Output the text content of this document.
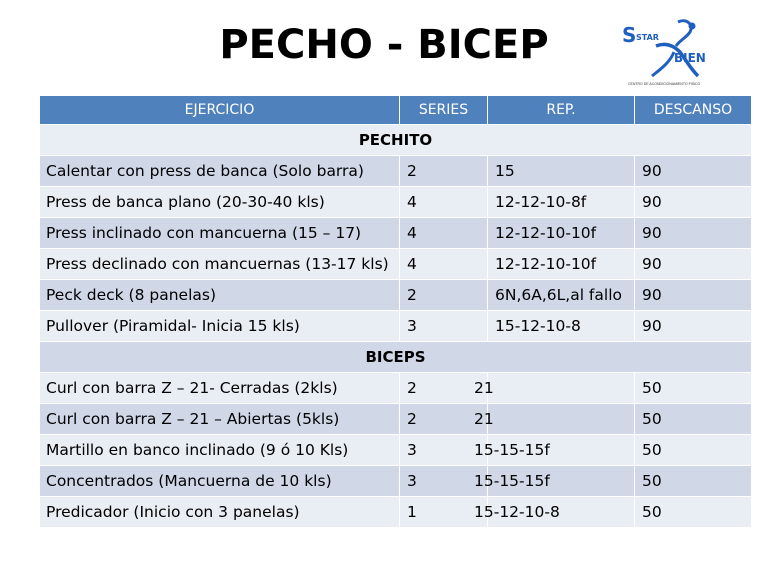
PECHO - BICEP	S STAR
BIEN
CENTRO DE ACONDICIONAMIENTO FISICO
EJERCICIO	SERIES	REP.	DESCANSO
PECHITO			
Calentar con press de banca (Solo barra)	2	15	90
Press de banca plano (20-30-40 kls)	4	12-12-10-8f	90
Press inclinado con mancuerna (15 – 17)	4	12-12-10-10f	90
Press declinado con mancuernas (13-17 kls)	4	12-12-10-10f	90
Peck deck (8 panelas)	2	6N,6A,6L,al fallo	90
Pullover (Piramidal- Inicia 15 kls)	3	15-12-10-8	90
BICEPS			
Curl con barra Z – 21- Cerradas (2kls)	2	21	50
Curl con barra Z – 21 – Abiertas (5kls)	2	21	50
Martillo en banco inclinado (9 ó 10 Kls)	3	15-15-15f	50
Concentrados (Mancuerna de 10 kls)	3	15-15-15f	50
Predicador (Inicio con 3 panelas)	1	15-12-10-8	50
